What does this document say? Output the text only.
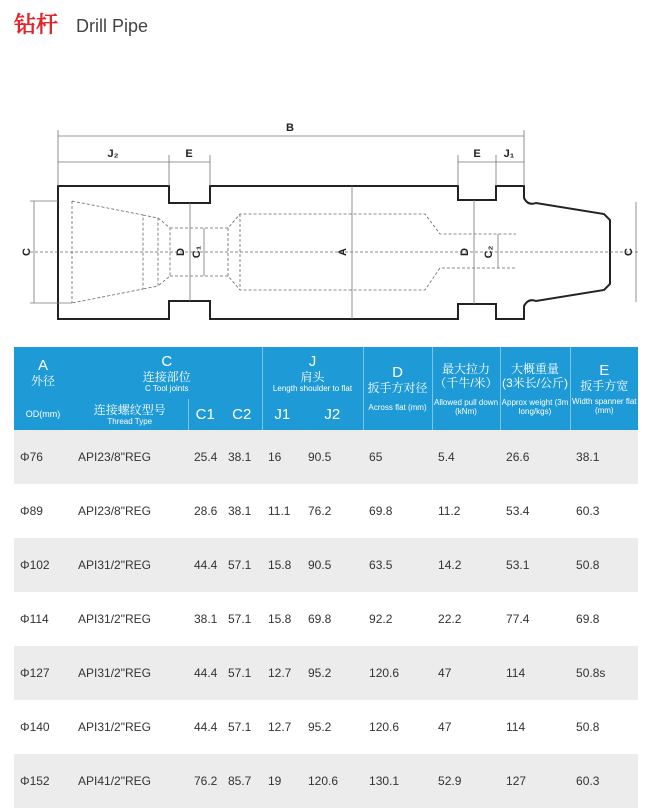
钻杆 Drill Pipe
B
J₂	E	E J₁
C	D C₁	A	D C₂	C
A
外径	C
连接部位
C Tool joints			J
肩头
Length shoulder to flat		D
扳手方对径
Across flat (mm)	最大拉力
（千牛/米）
Allowed pull down (kNm)	大概重量
(3米长/公斤)
Approx weight (3m long/kgs)	E
扳手方宽
Width spanner flat (mm)

OD(mm)	连接螺纹型号
Thread Type	C1	C2	J1	J2				

Φ76	API23/8"REG	25.4	38.1	16	90.5	65	5.4	26.6	38.1
Φ89	API23/8"REG	28.6	38.1	11.1	76.2	69.8	11.2	53.4	60.3
Φ102	API31/2"REG	44.4	57.1	15.8	90.5	63.5	14.2	53.1	50.8
Φ114	API31/2"REG	38.1	57.1	15.8	69.8	92.2	22.2	77.4	69.8
Φ127	API31/2"REG	44.4	57.1	12.7	95.2	120.6	47	114	50.8s
Φ140	API31/2"REG	44.4	57.1	12.7	95.2	120.6	47	114	50.8
Φ152	API41/2"REG	76.2	85.7	19	120.6	130.1	52.9	127	60.3
